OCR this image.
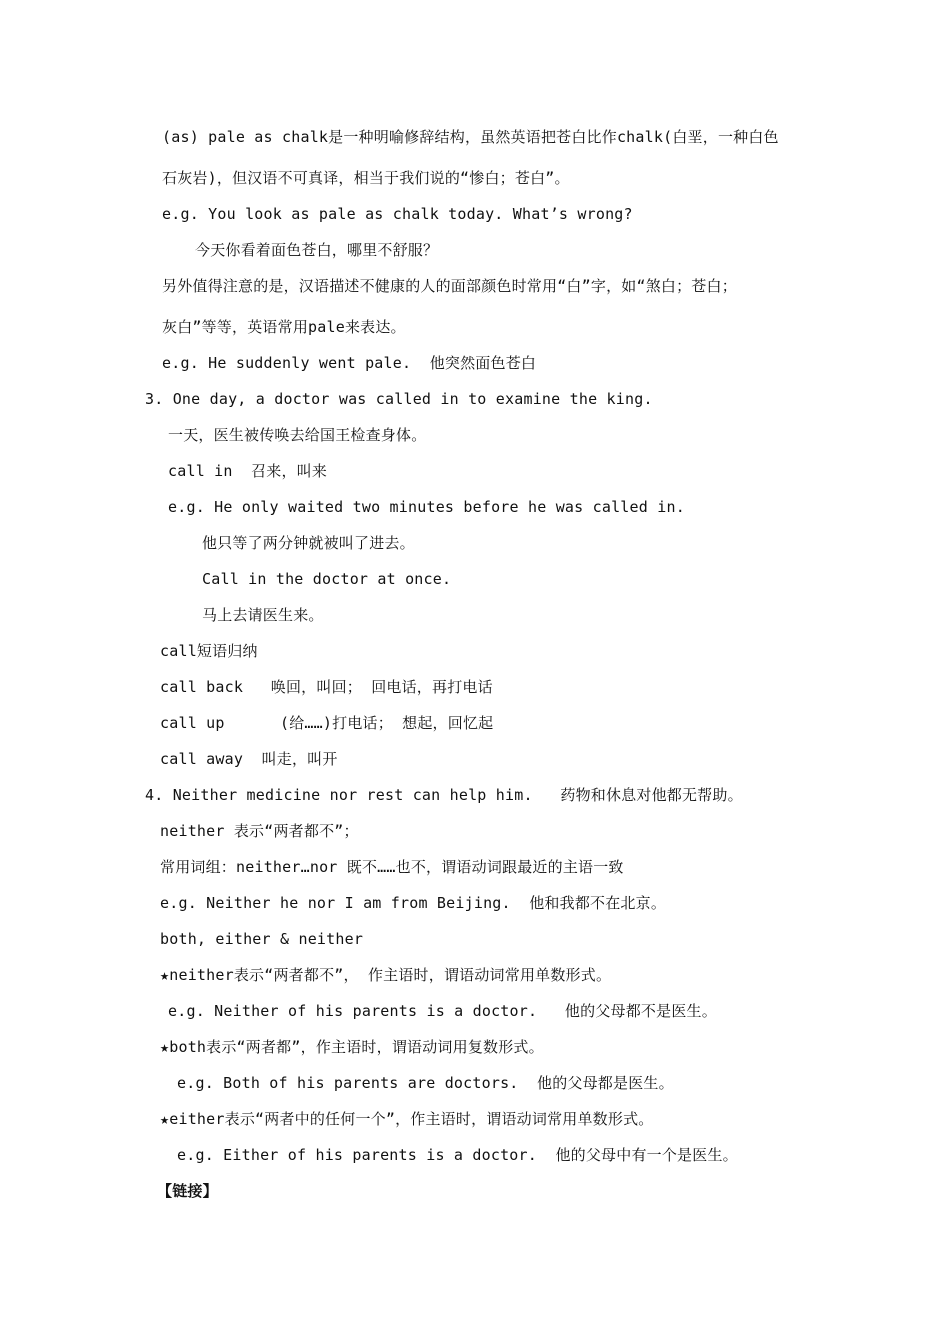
(as) pale as chalk是一种明喻修辞结构，虽然英语把苍白比作chalk(白垩，一种白色
石灰岩)，但汉语不可真译，相当于我们说的“惨白；苍白”。
e.g. You look as pale as chalk today. What’s wrong?
今天你看着面色苍白，哪里不舒服？
另外值得注意的是，汉语描述不健康的人的面部颜色时常用“白”字，如“煞白；苍白；
灰白”等等，英语常用pale来表达。
e.g. He suddenly went pale.  他突然面色苍白
3. One day, a doctor was called in to examine the king.
一天，医生被传唤去给国王检查身体。
call in  召来，叫来
e.g. He only waited two minutes before he was called in.
他只等了两分钟就被叫了进去。
Call in the doctor at once.
马上去请医生来。
call短语归纳
call back   唤回，叫回； 回电话，再打电话
call up      (给……)打电话； 想起，回忆起
call away  叫走，叫开
4. Neither medicine nor rest can help him.   药物和休息对他都无帮助。
neither 表示“两者都不”；
常用词组：neither…nor 既不……也不，谓语动词跟最近的主语一致
e.g. Neither he nor I am from Beijing.  他和我都不在北京。
both, either & neither
★neither表示“两者都不”， 作主语时，谓语动词常用单数形式。
e.g. Neither of his parents is a doctor.   他的父母都不是医生。
★both表示“两者都”，作主语时，谓语动词用复数形式。
e.g. Both of his parents are doctors.  他的父母都是医生。
★either表示“两者中的任何一个”，作主语时，谓语动词常用单数形式。
e.g. Either of his parents is a doctor.  他的父母中有一个是医生。
【链接】
